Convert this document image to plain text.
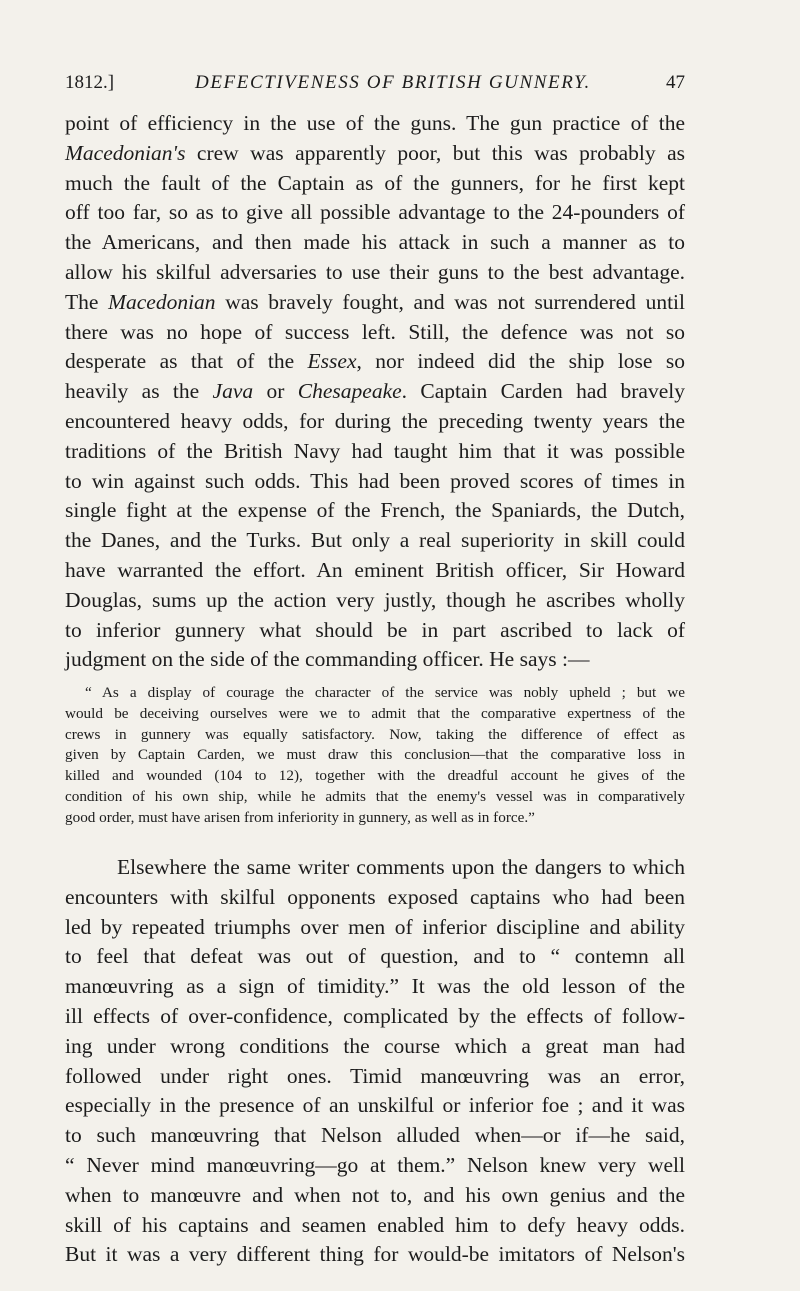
1812.]	DEFECTIVENESS OF BRITISH GUNNERY.	47
point of efficiency in the use of the guns. The gun practice of the
Macedonian's crew was apparently poor, but this was probably as
much the fault of the Captain as of the gunners, for he first kept
off too far, so as to give all possible advantage to the 24-pounders of
the Americans, and then made his attack in such a manner as to
allow his skilful adversaries to use their guns to the best advantage.
The Macedonian was bravely fought, and was not surrendered until
there was no hope of success left. Still, the defence was not so
desperate as that of the Essex, nor indeed did the ship lose so
heavily as the Java or Chesapeake. Captain Carden had bravely
encountered heavy odds, for during the preceding twenty years the
traditions of the British Navy had taught him that it was possible
to win against such odds. This had been proved scores of times in
single fight at the expense of the French, the Spaniards, the Dutch,
the Danes, and the Turks. But only a real superiority in skill could
have warranted the effort. An eminent British officer, Sir Howard
Douglas, sums up the action very justly, though he ascribes wholly
to inferior gunnery what should be in part ascribed to lack of
judgment on the side of the commanding officer. He says :—
“ As a display of courage the character of the service was nobly upheld ; but we
would be deceiving ourselves were we to admit that the comparative expertness of the
crews in gunnery was equally satisfactory. Now, taking the difference of effect as
given by Captain Carden, we must draw this conclusion—that the comparative loss in
killed and wounded (104 to 12), together with the dreadful account he gives of the
condition of his own ship, while he admits that the enemy's vessel was in comparatively
good order, must have arisen from inferiority in gunnery, as well as in force.”
Elsewhere the same writer comments upon the dangers to which
encounters with skilful opponents exposed captains who had been
led by repeated triumphs over men of inferior discipline and ability
to feel that defeat was out of question, and to “ contemn all
manœuvring as a sign of timidity.” It was the old lesson of the
ill effects of over-confidence, complicated by the effects of follow-
ing under wrong conditions the course which a great man had
followed under right ones. Timid manœuvring was an error,
especially in the presence of an unskilful or inferior foe ; and it was
to such manœuvring that Nelson alluded when—or if—he said,
“ Never mind manœuvring—go at them.” Nelson knew very well
when to manœuvre and when not to, and his own genius and the
skill of his captains and seamen enabled him to defy heavy odds.
But it was a very different thing for would-be imitators of Nelson's
